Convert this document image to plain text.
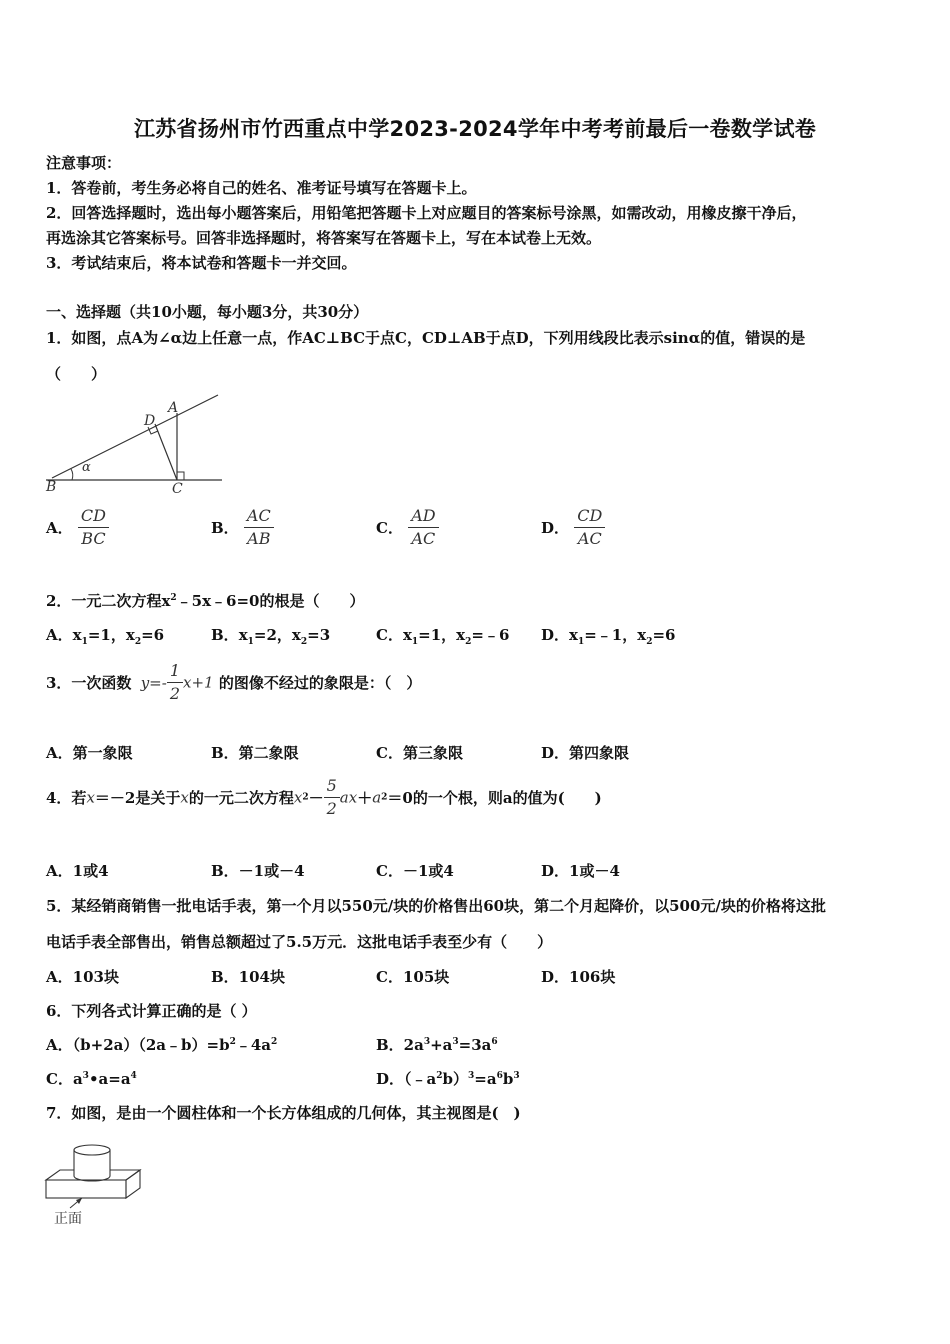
江苏省扬州市竹西重点中学2023-2024学年中考考前最后一卷数学试卷
注意事项：
1．答卷前，考生务必将自己的姓名、准考证号填写在答题卡上。
2．回答选择题时，选出每小题答案后，用铅笔把答题卡上对应题目的答案标号涂黑，如需改动，用橡皮擦干净后，
再选涂其它答案标号。回答非选择题时，将答案写在答题卡上，写在本试卷上无效。
3．考试结束后，将本试卷和答题卡一并交回。
一、选择题（共10小题，每小题3分，共30分）
1．如图，点A为∠α边上任意一点，作AC⊥BC于点C，CD⊥AB于点D，下列用线段比表示sinα的值，错误的是
（　　）
B	C
D
A
α
A． $\frac{CD}{BC}$	B． $\frac{AC}{AB}$	C． $\frac{AD}{AC}$	D． $\frac{CD}{AC}$
2．一元二次方程$x^2﹣5x﹣6=0$的根是（　　）
A．$x_1=1$，$x_2=6$	B．$x_1=2$，$x_2=3$	C．$x_1=1$，$x_2=﹣6$ D．$x_1=﹣1$，$x_2=6$
3．一次函数 $y=- \frac{1}{2} x+1$ 的图像不经过的象限是：（　）
A．第一象限	B．第二象限	C．第三象限	D．第四象限
4．若x＝－2是关于x的一元二次方程$x2- \frac{5}{2} ax+a2=0$的一个根，则a的值为(　　)
A．1或4	B．－1或－4	C．－1或4	D．1或－4
5．某经销商销售一批电话手表，第一个月以550元/块的价格售出60块，第二个月起降价，以500元/块的价格将这批
电话手表全部售出，销售总额超过了5.5万元．这批电话手表至少有（　　）
A．103块	B．104块	C．105块	D．106块
6．下列各式计算正确的是（ ）
A．$(b+2a)(2a﹣b)=b^2﹣4a^2$	B．$2a^3+a^3=3a^6$
C．$a^3•a=a^4$	D．$(﹣a^2b)^3=a^6b^3$
7．如图，是由一个圆柱体和一个长方体组成的几何体，其主视图是(　)
正面
